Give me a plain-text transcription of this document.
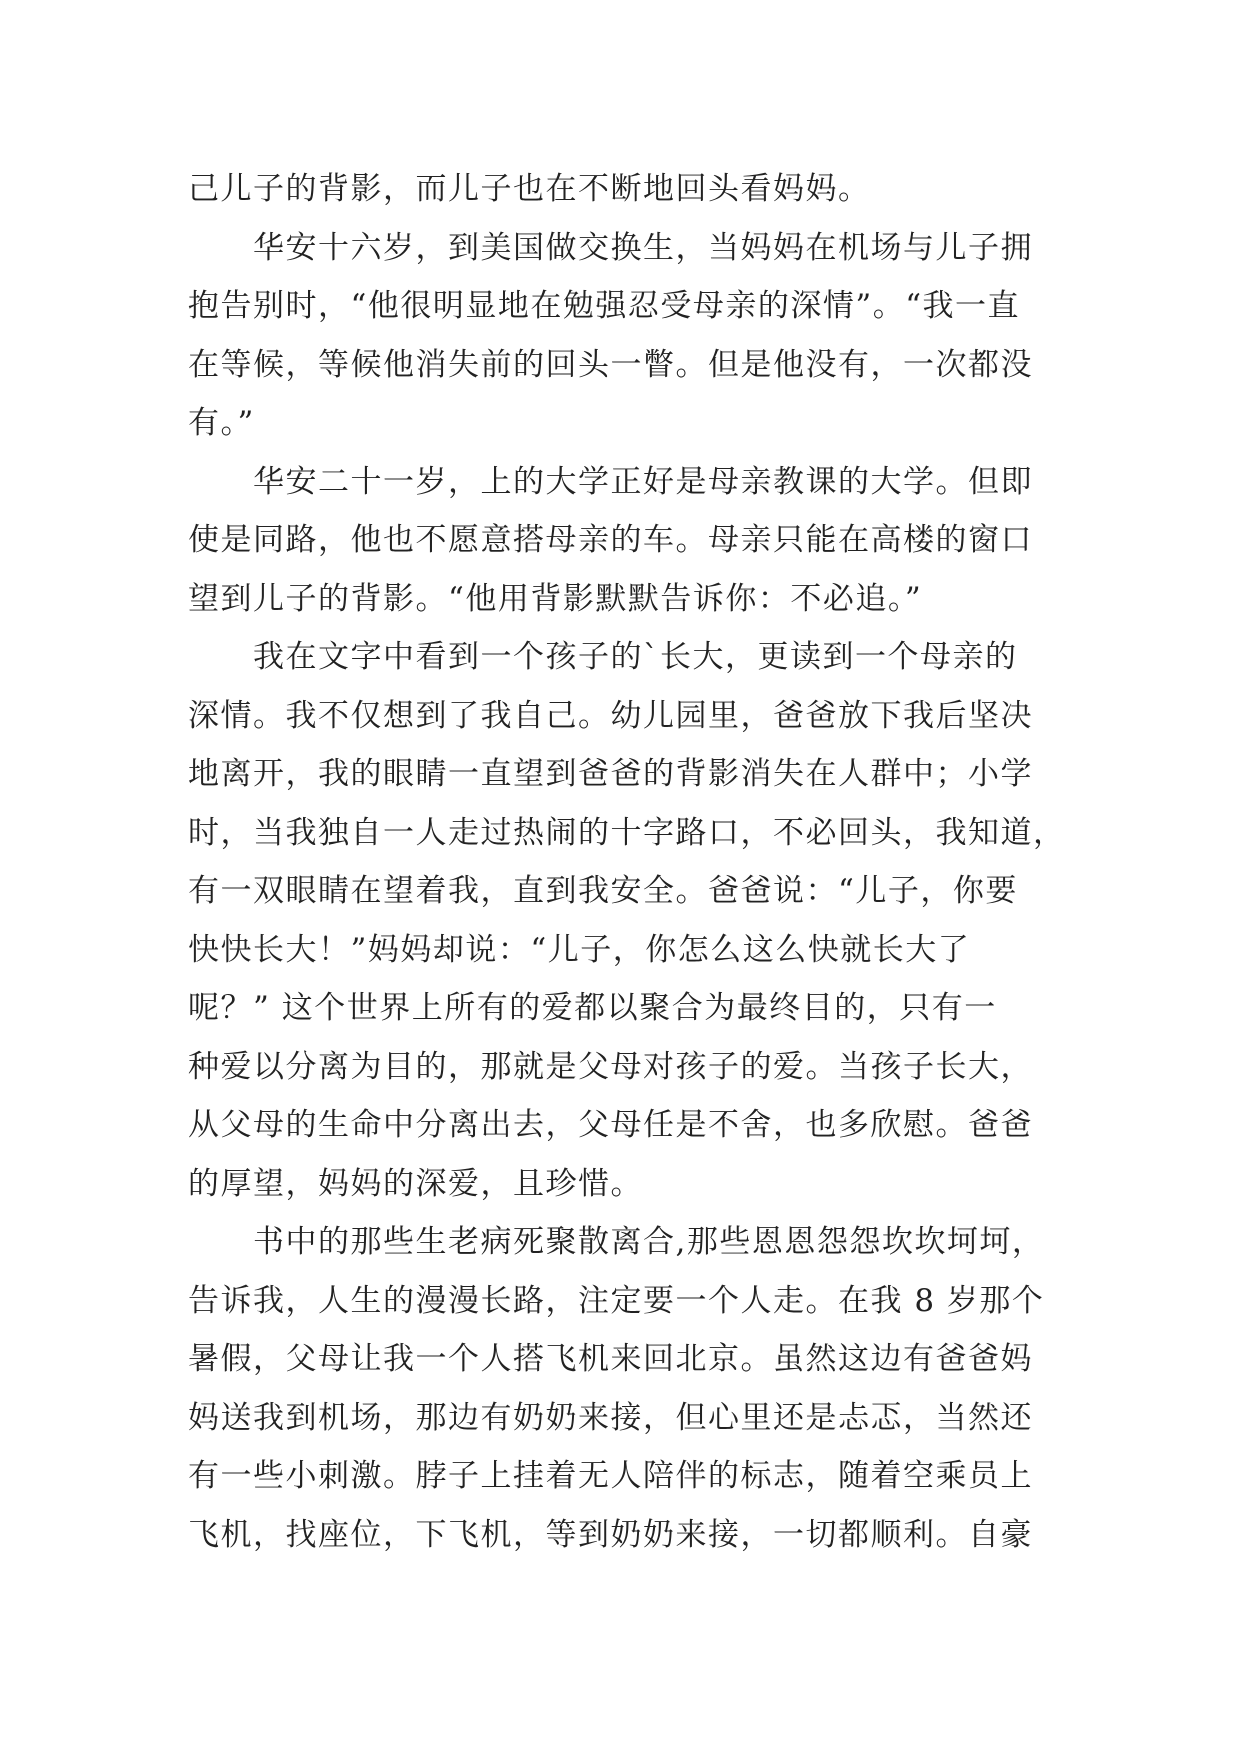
己儿子的背影，而儿子也在不断地回头看妈妈。
　　华安十六岁，到美国做交换生，当妈妈在机场与儿子拥
抱告别时，“他很明显地在勉强忍受母亲的深情”。“我一直
在等候，等候他消失前的回头一瞥。但是他没有，一次都没
有。”
　　华安二十一岁，上的大学正好是母亲教课的大学。但即
使是同路，他也不愿意搭母亲的车。母亲只能在高楼的窗口
望到儿子的背影。“他用背影默默告诉你：不必追。”
　　我在文字中看到一个孩子的`长大，更读到一个母亲的
深情。我不仅想到了我自己。幼儿园里，爸爸放下我后坚决
地离开，我的眼睛一直望到爸爸的背影消失在人群中；小学
时，当我独自一人走过热闹的十字路口，不必回头，我知道，
有一双眼睛在望着我，直到我安全。爸爸说：“儿子，你要
快快长大！”妈妈却说：“儿子，你怎么这么快就长大了
呢？” 这个世界上所有的爱都以聚合为最终目的，只有一
种爱以分离为目的，那就是父母对孩子的爱。当孩子长大，
从父母的生命中分离出去，父母任是不舍，也多欣慰。爸爸
的厚望，妈妈的深爱，且珍惜。
　　书中的那些生老病死聚散离合,那些恩恩怨怨坎坎坷坷，
告诉我，人生的漫漫长路，注定要一个人走。在我 8 岁那个
暑假，父母让我一个人搭飞机来回北京。虽然这边有爸爸妈
妈送我到机场，那边有奶奶来接，但心里还是忐忑，当然还
有一些小刺激。脖子上挂着无人陪伴的标志，随着空乘员上
飞机，找座位，下飞机，等到奶奶来接，一切都顺利。自豪
